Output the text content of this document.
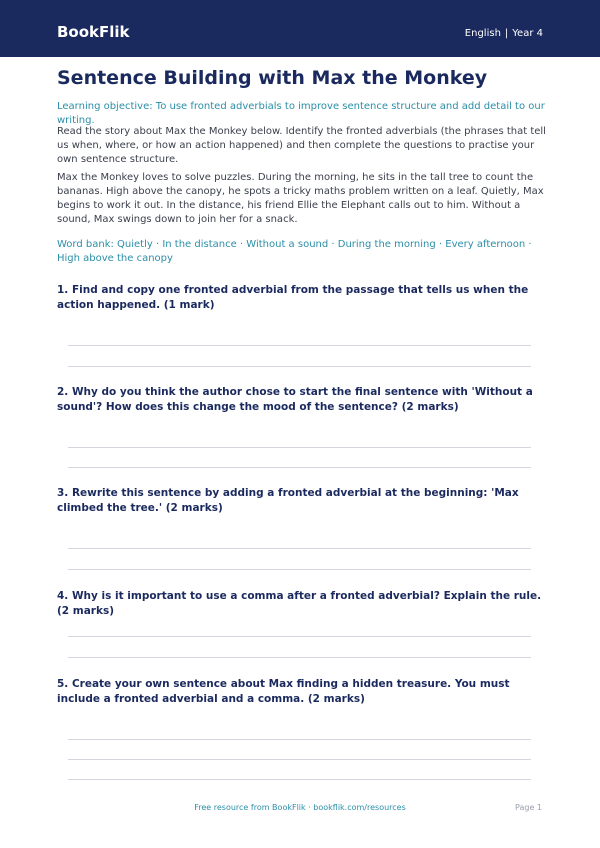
BookFlik	English | Year 4
Sentence Building with Max the Monkey
Learning objective: To use fronted adverbials to improve sentence structure and add detail to our writing.
Read the story about Max the Monkey below. Identify the fronted adverbials (the phrases that tell us when, where, or how an action happened) and then complete the questions to practise your own sentence structure.
Max the Monkey loves to solve puzzles. During the morning, he sits in the tall tree to count the bananas. High above the canopy, he spots a tricky maths problem written on a leaf. Quietly, Max begins to work it out. In the distance, his friend Ellie the Elephant calls out to him. Without a sound, Max swings down to join her for a snack.
Word bank: Quietly · In the distance · Without a sound · During the morning · Every afternoon · High above the canopy
1. Find and copy one fronted adverbial from the passage that tells us when the action happened. (1 mark)
2. Why do you think the author chose to start the final sentence with 'Without a sound'? How does this change the mood of the sentence? (2 marks)
3. Rewrite this sentence by adding a fronted adverbial at the beginning: 'Max climbed the tree.' (2 marks)
4. Why is it important to use a comma after a fronted adverbial? Explain the rule. (2 marks)
5. Create your own sentence about Max finding a hidden treasure. You must include a fronted adverbial and a comma. (2 marks)
Free resource from BookFlik · bookflik.com/resources	Page 1
